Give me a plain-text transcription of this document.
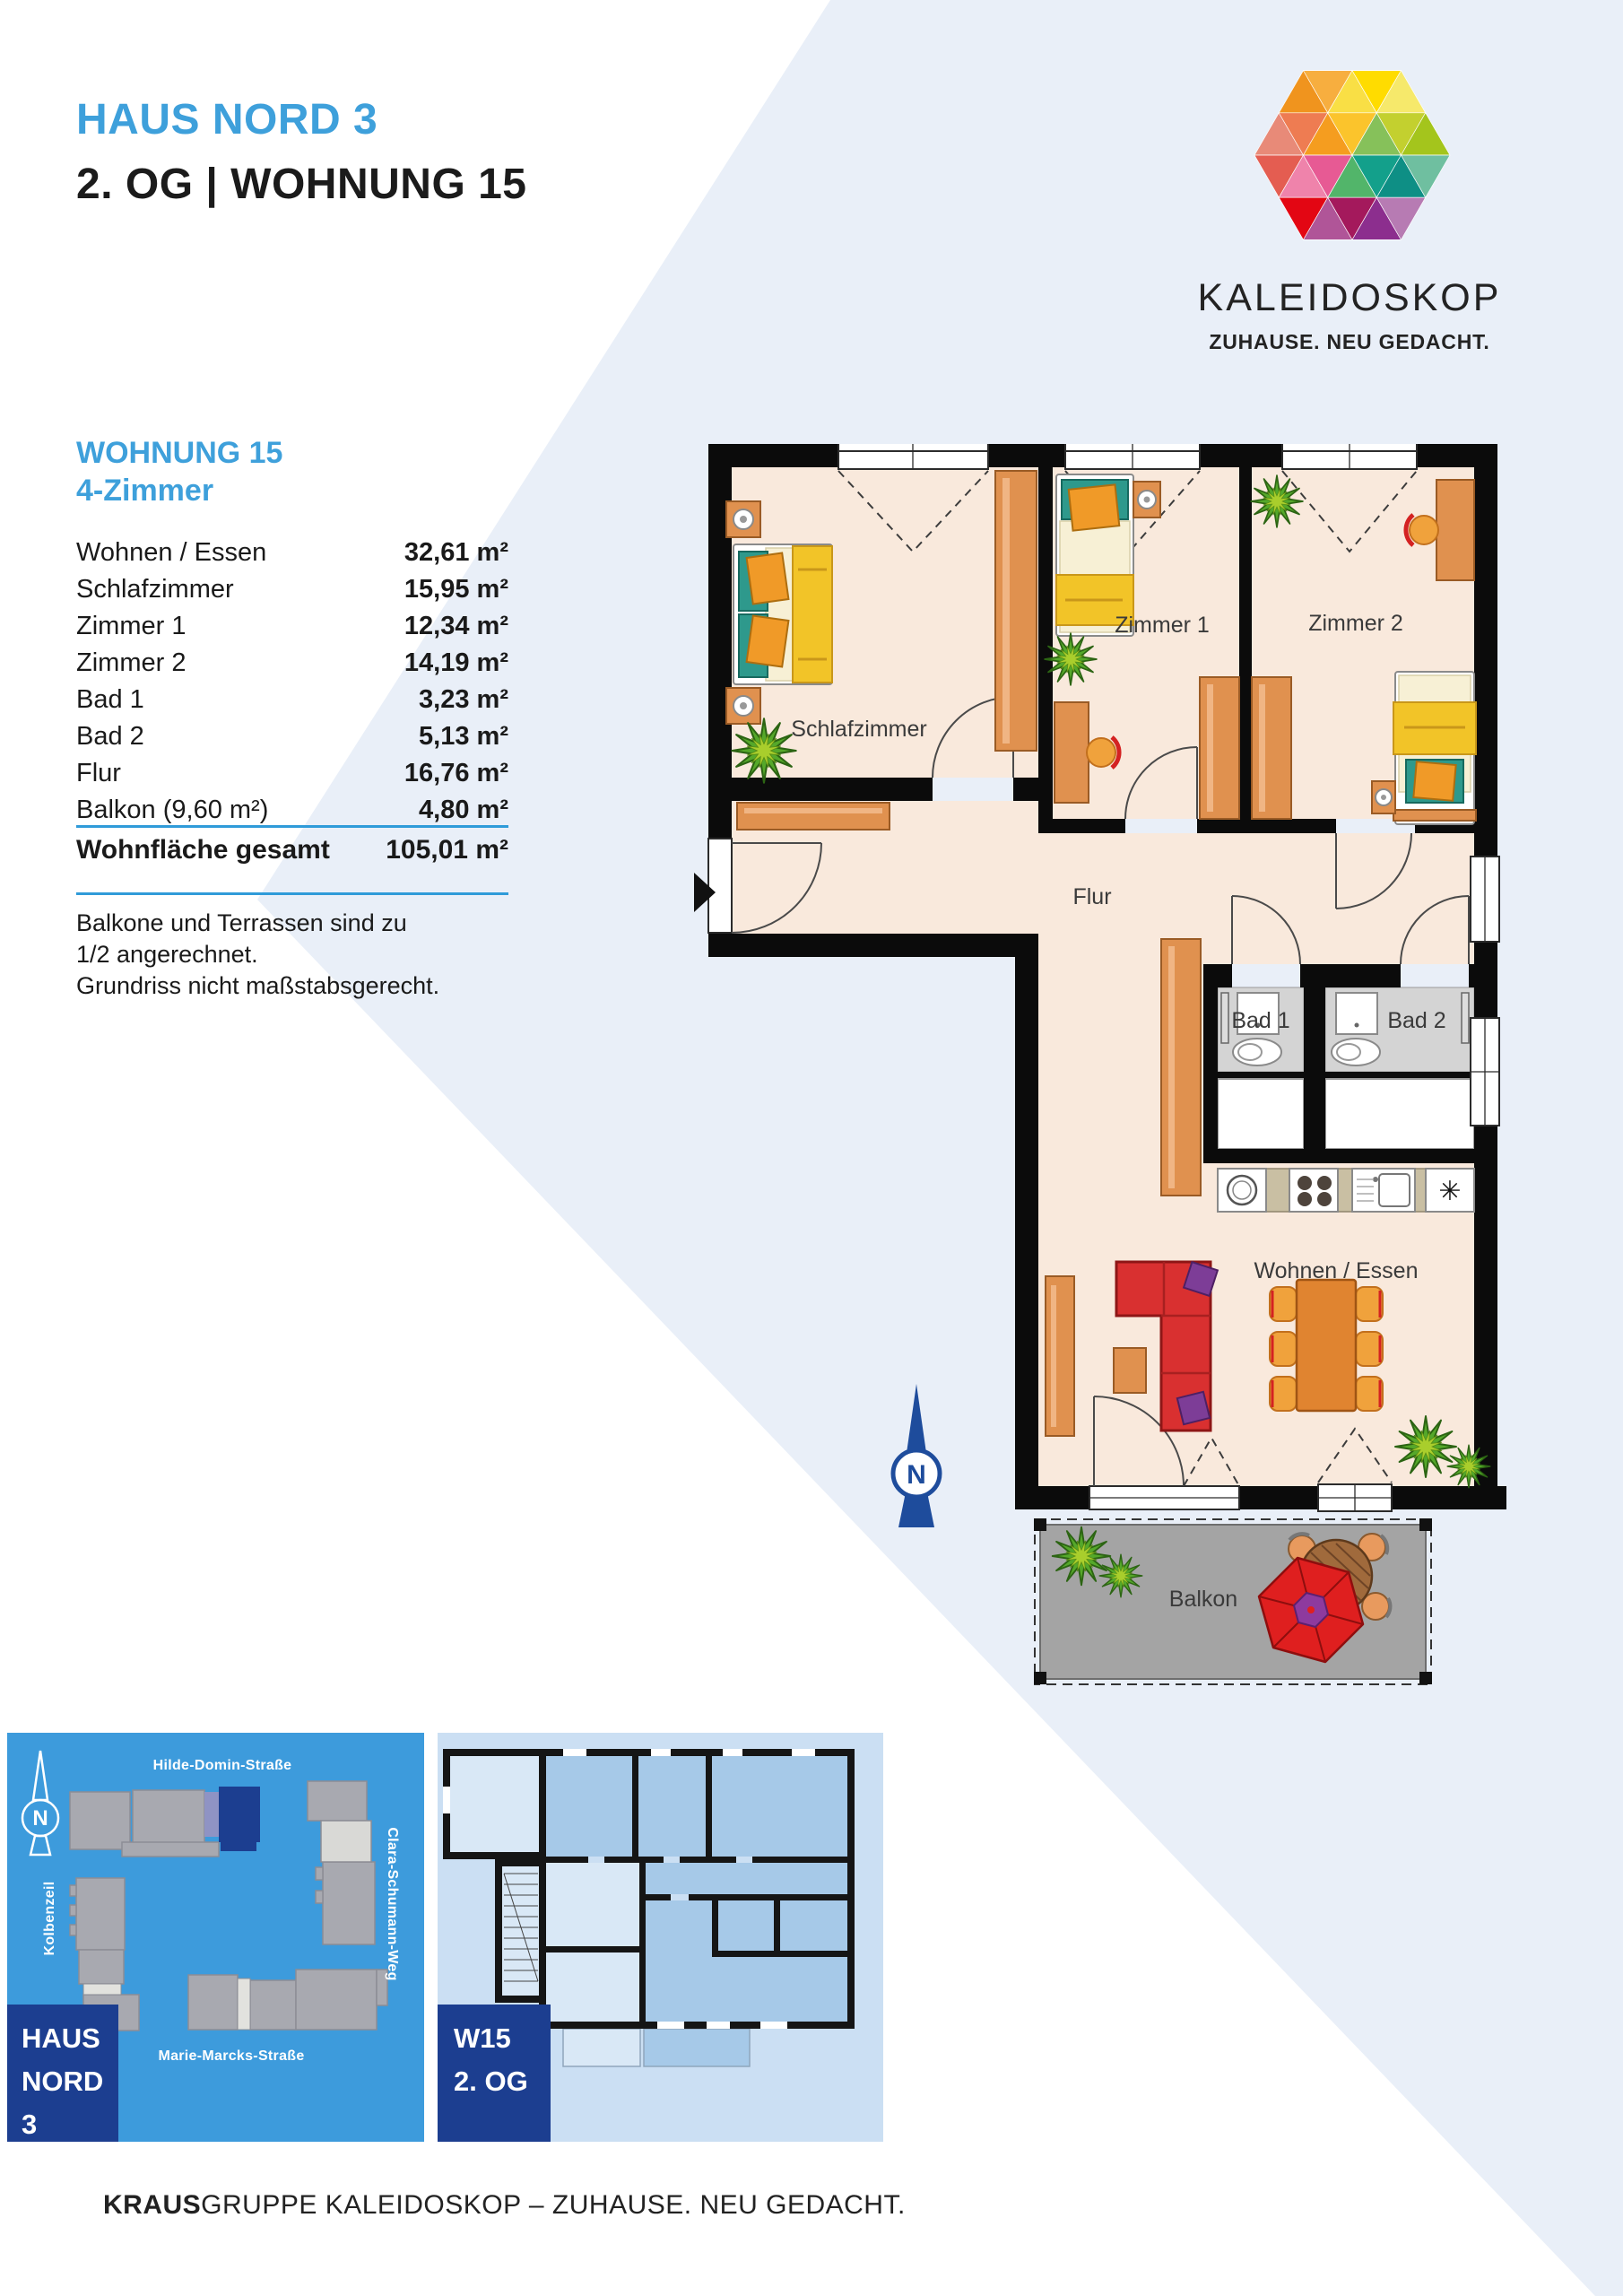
HAUS NORD 3
2. OG | WOHNUNG 15
KALEIDOSKOP
ZUHAUSE. NEU GEDACHT.
WOHNUNG 15
4-Zimmer
Wohnen / Essen	32,61 m²
Schlafzimmer	15,95 m²
Zimmer 1	12,34 m²
Zimmer 2	14,19 m²
Bad 1	3,23 m²
Bad 2	5,13 m²
Flur	16,76 m²
Balkon (9,60 m²)	4,80 m²
Wohnfläche gesamt 105,01 m²
Balkone und Terrassen sind zu
1/2 angerechnet.
Grundriss nicht maßstabsgerecht.
✳
N
Schlafzimmer
Zimmer 1	Zimmer 2
Flur
Bad 1	Bad 2
Wohnen / Essen
Balkon
N
Hilde-Domin-Straße
Kolbenzeil	Clara-Schumann-Weg
Marie-Marcks-Straße
HAUS
NORD 3
W15
2. OG
KRAUSGRUPPE KALEIDOSKOP – ZUHAUSE. NEU GEDACHT.
